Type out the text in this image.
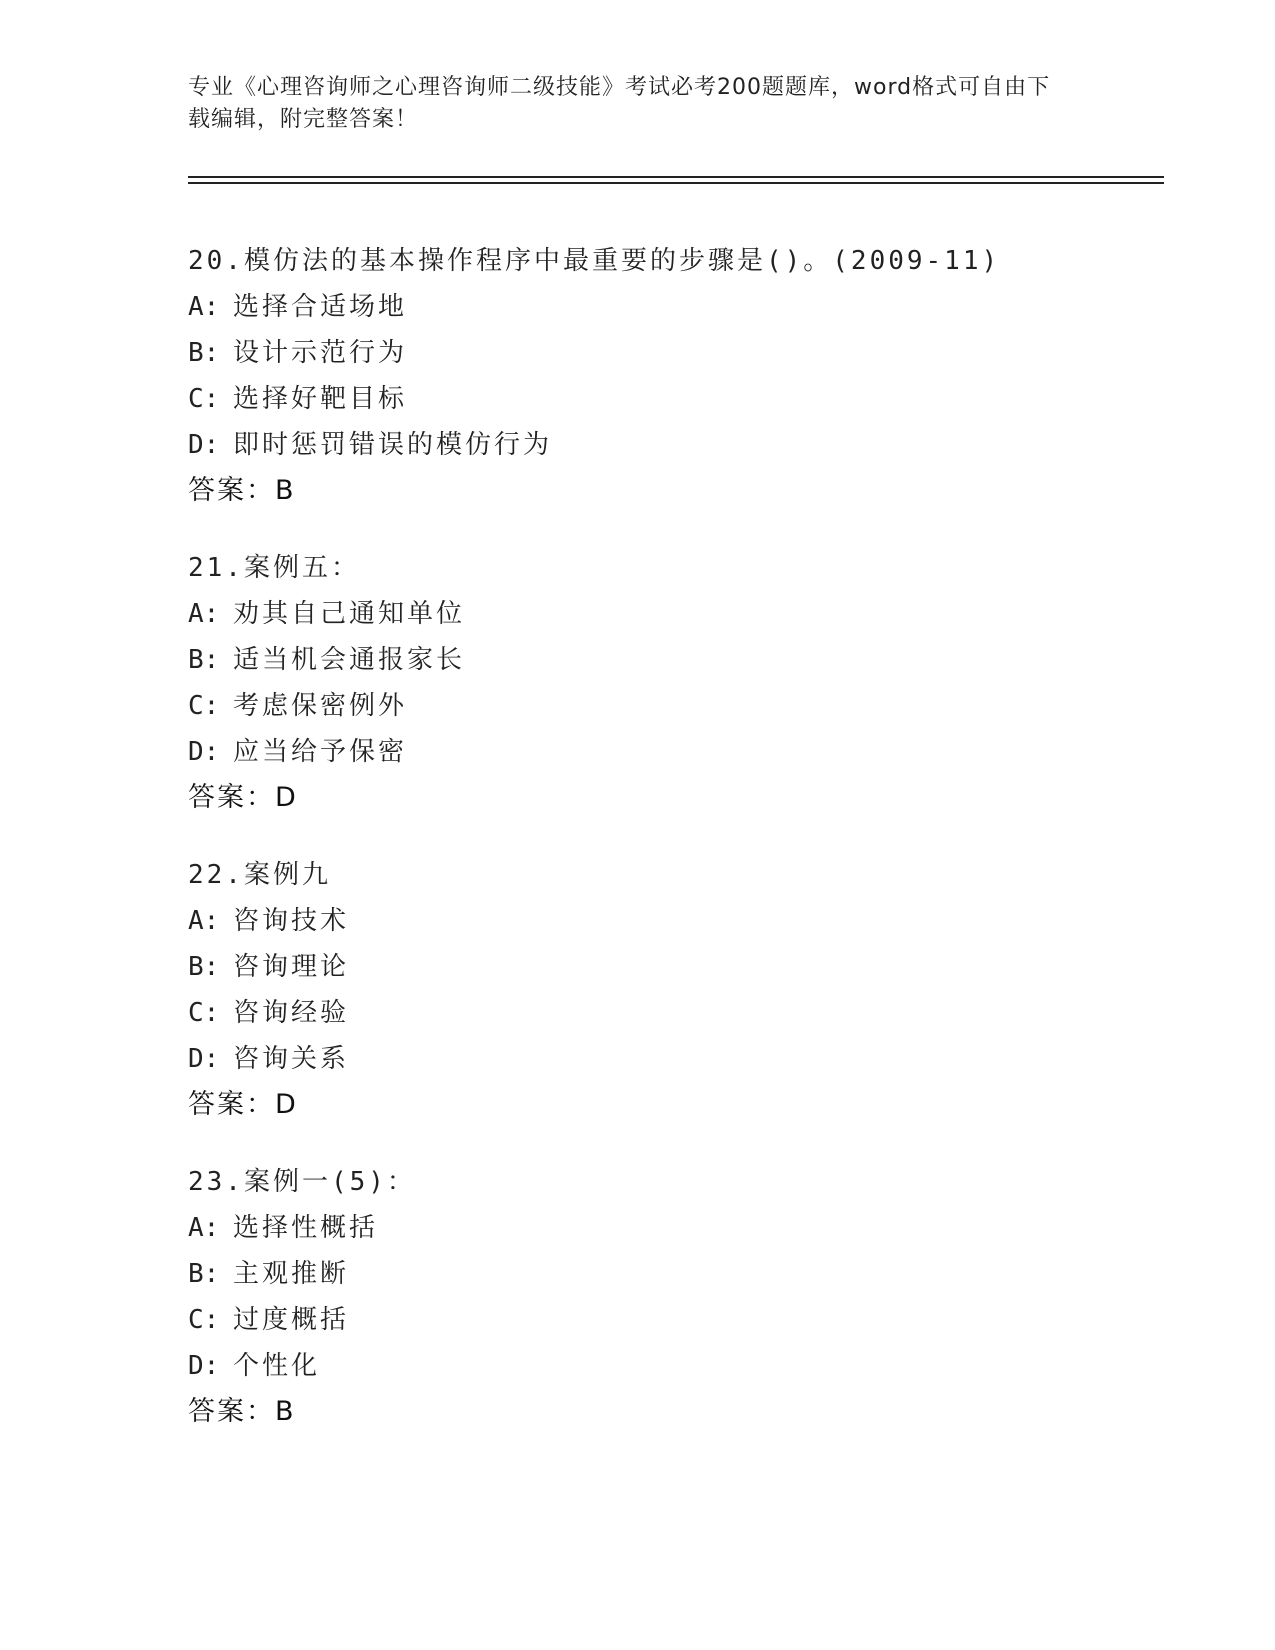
专业《心理咨询师之心理咨询师二级技能》考试必考200题题库，word格式可自由下载编辑，附完整答案！
20.模仿法的基本操作程序中最重要的步骤是()。(2009-11)
A: 选择合适场地
B: 设计示范行为
C: 选择好靶目标
D: 即时惩罚错误的模仿行为
答案：B
21.案例五：
A: 劝其自己通知单位
B: 适当机会通报家长
C: 考虑保密例外
D: 应当给予保密
答案：D
22.案例九
A: 咨询技术
B: 咨询理论
C: 咨询经验
D: 咨询关系
答案：D
23.案例一(5)：
A: 选择性概括
B: 主观推断
C: 过度概括
D: 个性化
答案：B
